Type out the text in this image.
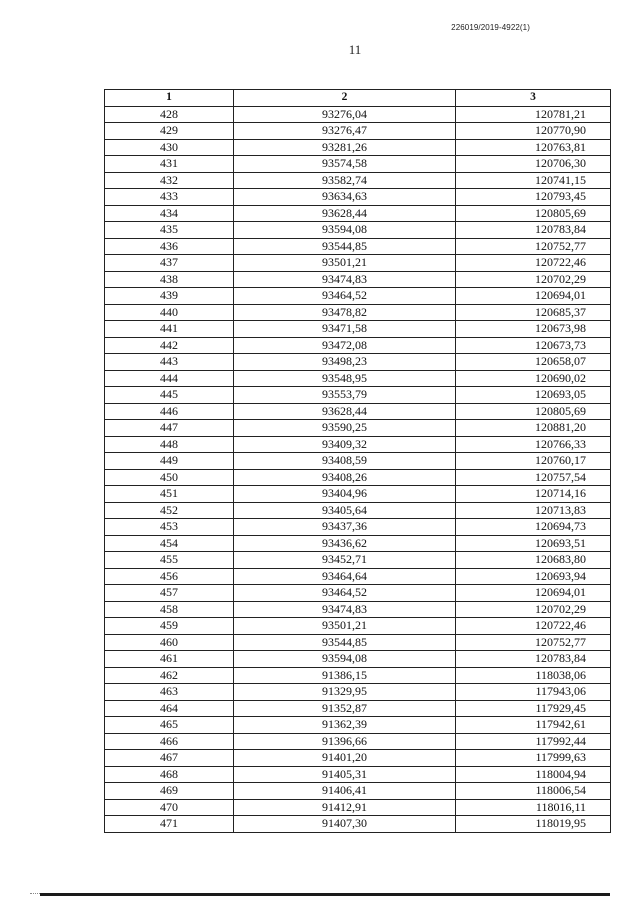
226019/2019-4922(1)
11
1	2	3
428	93276,04	120781,21
429	93276,47	120770,90
430	93281,26	120763,81
431	93574,58	120706,30
432	93582,74	120741,15
433	93634,63	120793,45
434	93628,44	120805,69
435	93594,08	120783,84
436	93544,85	120752,77
437	93501,21	120722,46
438	93474,83	120702,29
439	93464,52	120694,01
440	93478,82	120685,37
441	93471,58	120673,98
442	93472,08	120673,73
443	93498,23	120658,07
444	93548,95	120690,02
445	93553,79	120693,05
446	93628,44	120805,69
447	93590,25	120881,20
448	93409,32	120766,33
449	93408,59	120760,17
450	93408,26	120757,54
451	93404,96	120714,16
452	93405,64	120713,83
453	93437,36	120694,73
454	93436,62	120693,51
455	93452,71	120683,80
456	93464,64	120693,94
457	93464,52	120694,01
458	93474,83	120702,29
459	93501,21	120722,46
460	93544,85	120752,77
461	93594,08	120783,84
462	91386,15	118038,06
463	91329,95	117943,06
464	91352,87	117929,45
465	91362,39	117942,61
466	91396,66	117992,44
467	91401,20	117999,63
468	91405,31	118004,94
469	91406,41	118006,54
470	91412,91	118016,11
471	91407,30	118019,95
